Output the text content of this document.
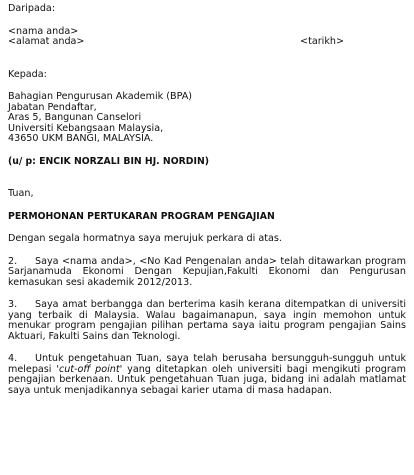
Daripada:
<nama anda>
<alamat anda>	<tarikh>
Kepada:
Bahagian Pengurusan Akademik (BPA)
Jabatan Pendaftar,
Aras 5, Bangunan Canselori
Universiti Kebangsaan Malaysia,
43650 UKM BANGI, MALAYSIA.
(u/ p: ENCIK NORZALI BIN HJ. NORDIN)
Tuan,
PERMOHONAN PERTUKARAN PROGRAM PENGAJIAN
Dengan segala hormatnya saya merujuk perkara di atas.

2. Saya <nama anda>, <No Kad Pengenalan anda> telah ditawarkan program Sarjanamuda Ekonomi Dengan Kepujian,Fakulti Ekonomi dan Pengurusan kemasukan sesi akademik 2012/2013.

3. Saya amat berbangga dan berterima kasih kerana ditempatkan di universiti yang terbaik di Malaysia. Walau bagaimanapun, saya ingin memohon untuk menukar program pengajian pilihan pertama saya iaitu program pengajian Sains Aktuari, Fakulti Sains dan Teknologi.

4. Untuk pengetahuan Tuan, saya telah berusaha bersungguh-sungguh untuk melepasi 'cut-off point' yang ditetapkan oleh universiti bagi mengikuti program pengajian berkenaan. Untuk pengetahuan Tuan juga, bidang ini adalah matlamat saya untuk menjadikannya sebagai karier utama di masa hadapan.
